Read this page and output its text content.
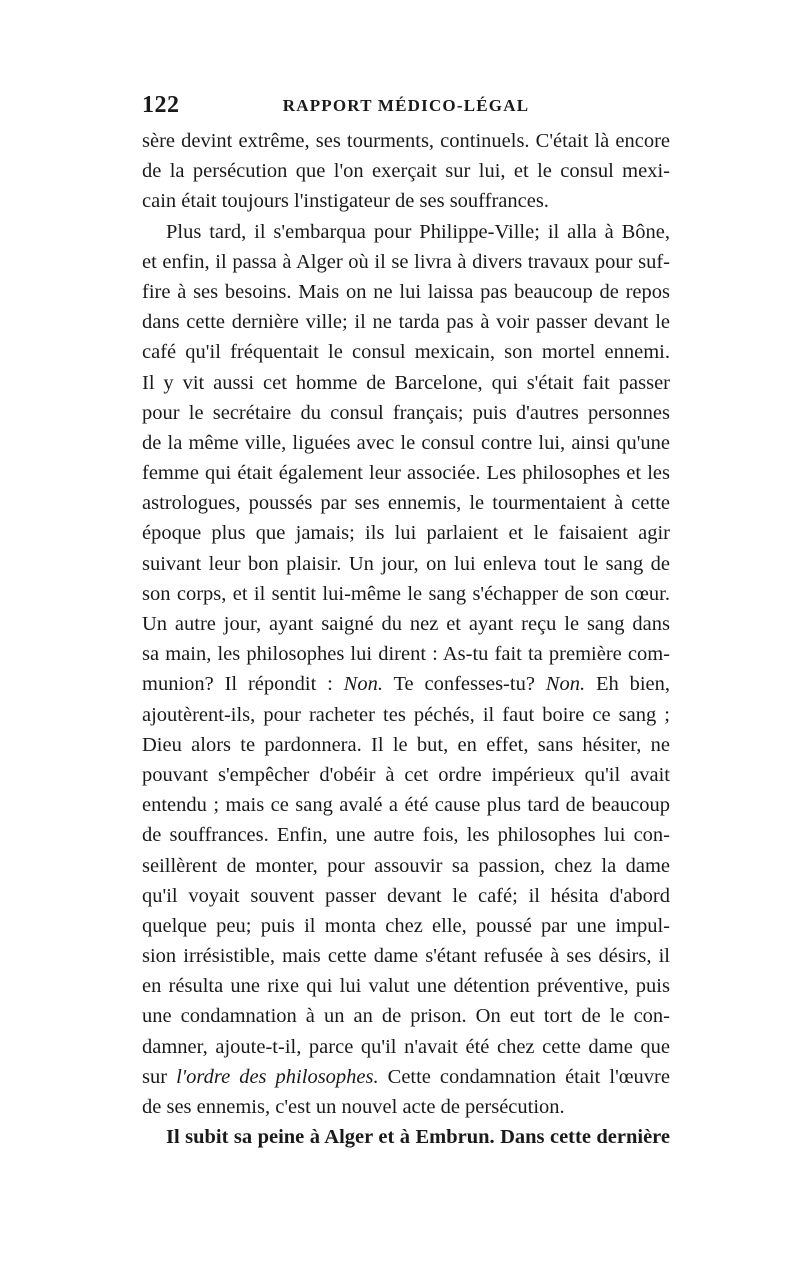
122	RAPPORT MÉDICO-LÉGAL
sère devint extrême, ses tourments, continuels. C'était là encore
de la persécution que l'on exerçait sur lui, et le consul mexi-
cain était toujours l'instigateur de ses souffrances.
Plus tard, il s'embarqua pour Philippe-Ville; il alla à Bône,
et enfin, il passa à Alger où il se livra à divers travaux pour suf-
fire à ses besoins. Mais on ne lui laissa pas beaucoup de repos
dans cette dernière ville; il ne tarda pas à voir passer devant le
café qu'il fréquentait le consul mexicain, son mortel ennemi.
Il y vit aussi cet homme de Barcelone, qui s'était fait passer
pour le secrétaire du consul français; puis d'autres personnes
de la même ville, liguées avec le consul contre lui, ainsi qu'une
femme qui était également leur associée. Les philosophes et les
astrologues, poussés par ses ennemis, le tourmentaient à cette
époque plus que jamais; ils lui parlaient et le faisaient agir
suivant leur bon plaisir. Un jour, on lui enleva tout le sang de
son corps, et il sentit lui-même le sang s'échapper de son cœur.
Un autre jour, ayant saigné du nez et ayant reçu le sang dans
sa main, les philosophes lui dirent : As-tu fait ta première com-
munion? Il répondit : Non. Te confesses-tu? Non. Eh bien,
ajoutèrent-ils, pour racheter tes péchés, il faut boire ce sang ;
Dieu alors te pardonnera. Il le but, en effet, sans hésiter, ne
pouvant s'empêcher d'obéir à cet ordre impérieux qu'il avait
entendu ; mais ce sang avalé a été cause plus tard de beaucoup
de souffrances. Enfin, une autre fois, les philosophes lui con-
seillèrent de monter, pour assouvir sa passion, chez la dame
qu'il voyait souvent passer devant le café; il hésita d'abord
quelque peu; puis il monta chez elle, poussé par une impul-
sion irrésistible, mais cette dame s'étant refusée à ses désirs, il
en résulta une rixe qui lui valut une détention préventive, puis
une condamnation à un an de prison. On eut tort de le con-
damner, ajoute-t-il, parce qu'il n'avait été chez cette dame que
sur l'ordre des philosophes. Cette condamnation était l'œuvre
de ses ennemis, c'est un nouvel acte de persécution.
Il subit sa peine à Alger et à Embrun. Dans cette dernière
